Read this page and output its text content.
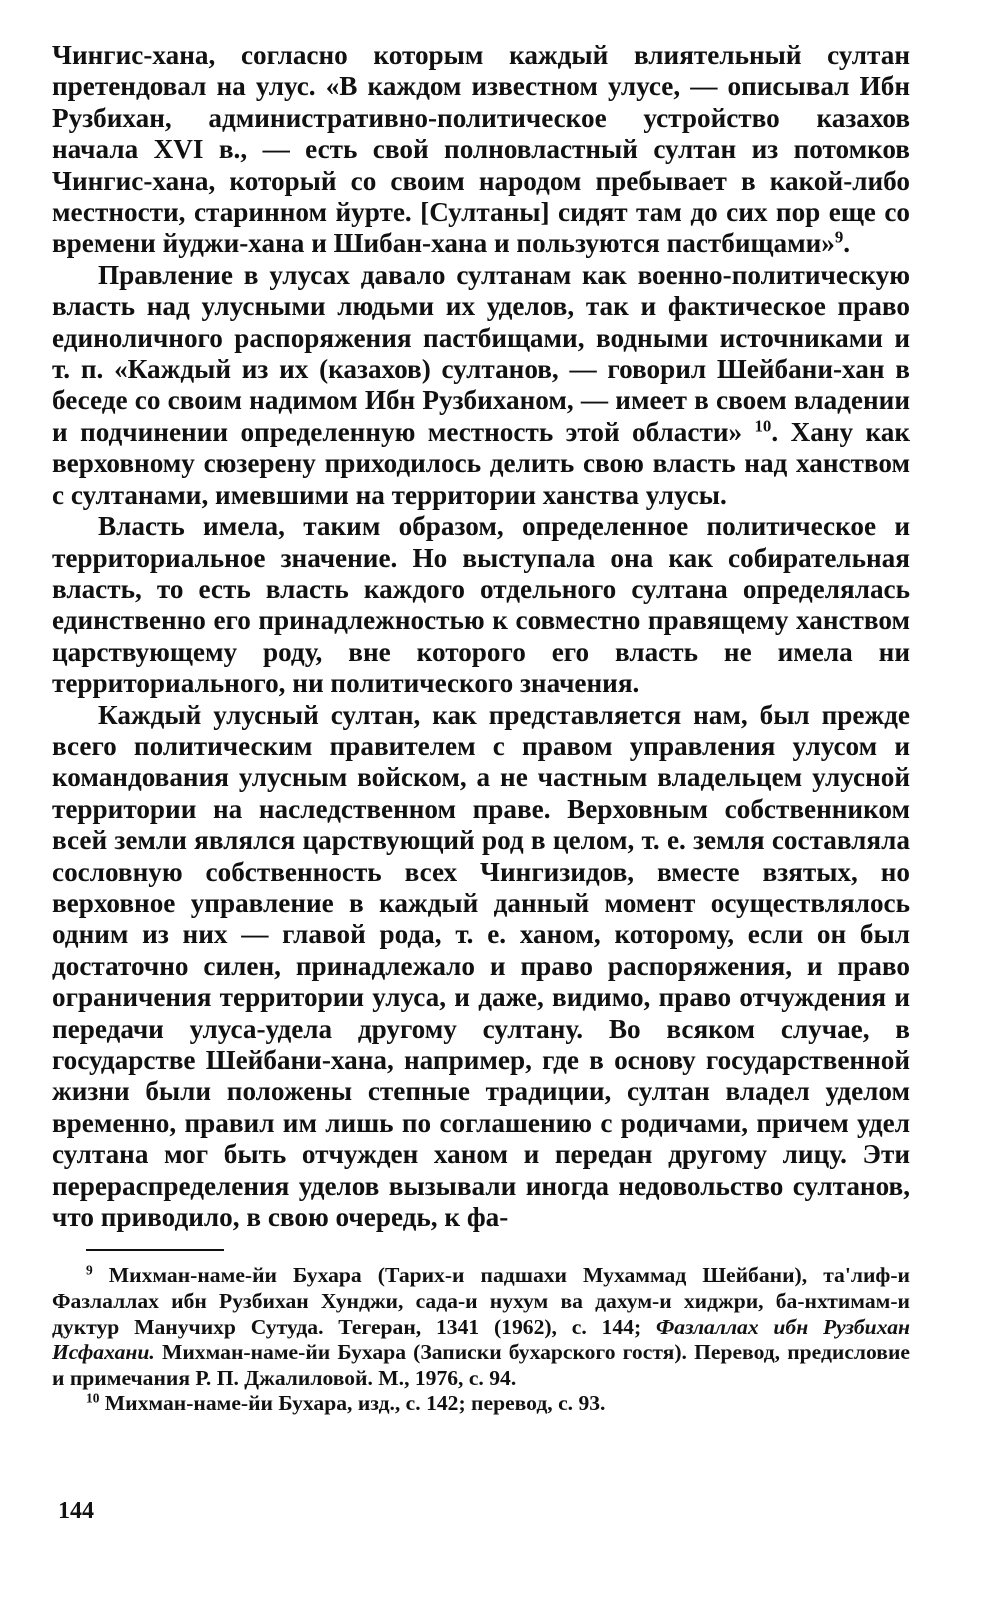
Чингис-хана, согласно которым каждый влиятельный султан претендовал на улус. «В каждом известном улусе, — описывал Ибн Рузбихан, административно-политическое устройство казахов начала XVI в., — есть свой полновластный султан из потомков Чингис-хана, который со своим народом пребывает в какой-либо местности, старинном йурте. [Султаны] сидят там до сих пор еще со времени йуджи-хана и Шибан-хана и пользуются пастбищами»$^9$.

Правление в улусах давало султанам как военно-политическую власть над улусными людьми их уделов, так и фактическое право единоличного распоряжения пастбищами, водными источниками и т. п. «Каждый из их (казахов) султанов, — говорил Шейбани-хан в беседе со своим надимом Ибн Рузбиханом, — имеет в своем владении и подчинении определенную местность этой области» $^{10}$. Хану как верховному сюзерену приходилось делить свою власть над ханством с султанами, имевшими на территории ханства улусы.

Власть имела, таким образом, определенное политическое и территориальное значение. Но выступала она как собирательная власть, то есть власть каждого отдельного султана определялась единственно его принадлежностью к совместно правящему ханством царствующему роду, вне которого его власть не имела ни территориального, ни политического значения.

Каждый улусный султан, как представляется нам, был прежде всего политическим правителем с правом управления улусом и командования улусным войском, а не частным владельцем улусной территории на наследственном праве. Верховным собственником всей земли являлся царствующий род в целом, т. е. земля составляла сословную собственность всех Чингизидов, вместе взятых, но верховное управление в каждый данный момент осуществлялось одним из них — главой рода, т. е. ханом, которому, если он был достаточно силен, принадлежало и право распоряжения, и право ограничения территории улуса, и даже, видимо, право отчуждения и передачи улуса-удела другому султану. Во всяком случае, в государстве Шейбани-хана, например, где в основу государственной жизни были положены степные традиции, султан владел уделом временно, правил им лишь по соглашению с родичами, причем удел султана мог быть отчужден ханом и передан другому лицу. Эти перераспределения уделов вызывали иногда недовольство султанов, что приводило, в свою очередь, к фа-

$^9$ Михман-наме-йи Бухара (Тарих-и падшахи Мухаммад Шейбани), та'лиф-и Фазлаллах ибн Рузбихан Хунджи, сада-и нухум ва дахум-и хиджри, ба-нхтимам-и дуктур Манучихр Сутуда. Тегеран, 1341 (1962), с. 144; Фазлаллах ибн Рузбихан Исфахани. Михман-наме-йи Бухара (Записки бухарского гостя). Перевод, предисловие и примечания Р. П. Джалиловой. М., 1976, с. 94.

$^{10}$ Михман-наме-йи Бухара, изд., с. 142; перевод, с. 93.

144
